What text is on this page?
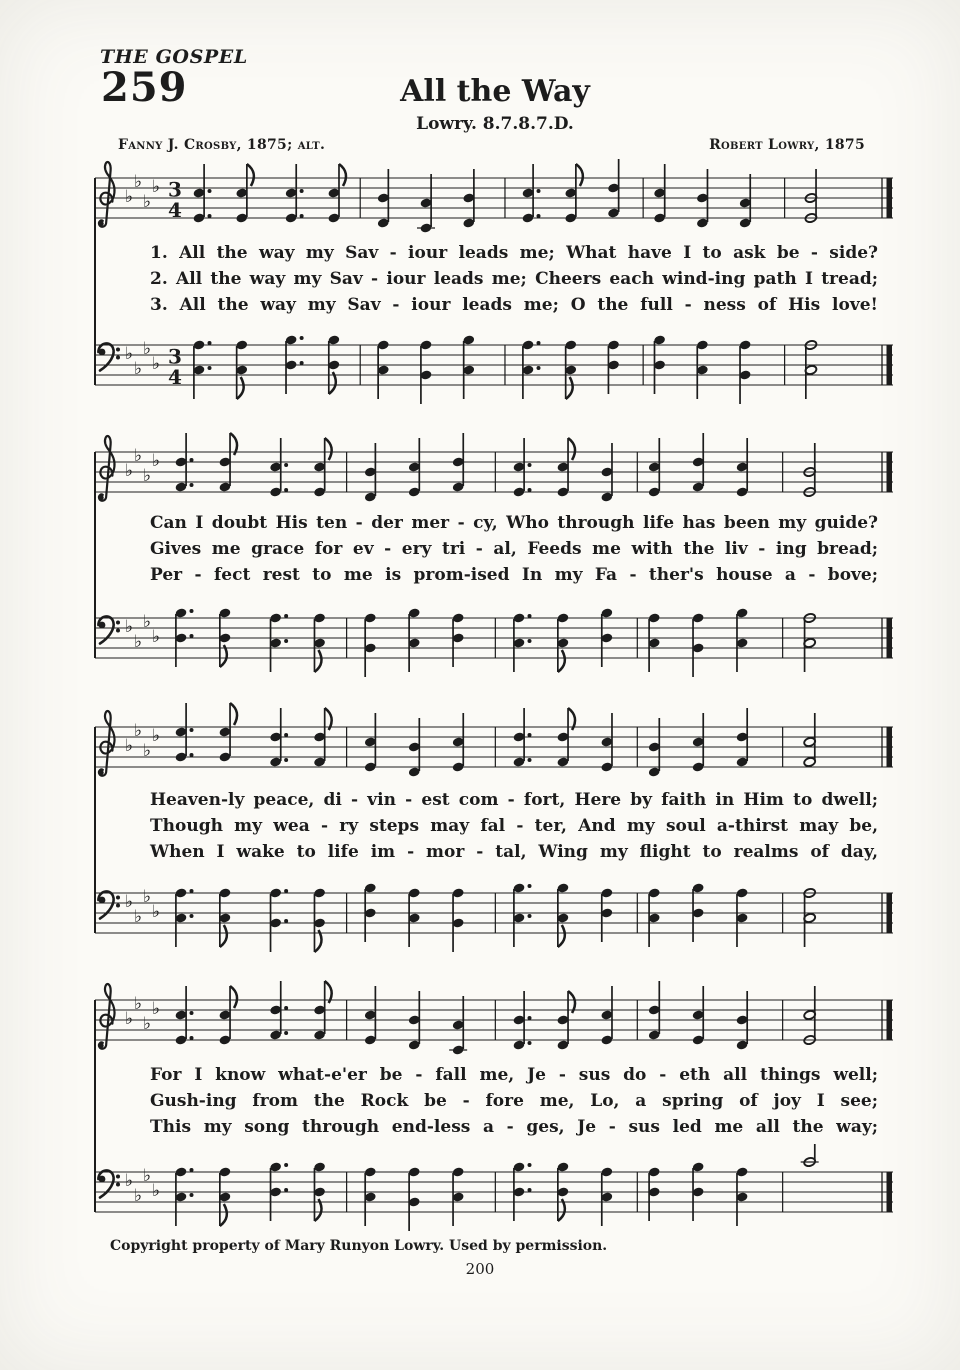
THE GOSPEL
259	All the Way
Lowry. 8.7.8.7.D.
Fanny J. Crosby, 1875; alt.	Robert Lowry, 1875
♭
♭
♭
♭ 3
4
♭
♭
♭
♭ 3
4
♭
♭
♭
♭
♭
♭
♭
♭
♭
♭
♭
♭
♭
♭
♭
♭
♭
♭
♭
♭
♭
♭
♭
♭
1. All the way my Sav - iour leads me; What have I to ask be - side?
2. All the way my Sav - iour leads me; Cheers each wind-ing path I tread;
3. All the way my Sav - iour leads me; O the full - ness of His love!
Can I doubt His ten - der mer - cy, Who through life has been my guide?
Gives me grace for ev - ery tri - al, Feeds me with the liv - ing bread;
Per - fect rest to me is prom-ised In my Fa - ther's house a - bove;
Heaven-ly peace, di - vin - est com - fort, Here by faith in Him to dwell;
Though my wea - ry steps may fal - ter, And my soul a-thirst may be,
When I wake to life im - mor - tal, Wing my flight to realms of day,
For I know what-e'er be - fall me, Je - sus do - eth all things well;
Gush-ing from the Rock be - fore me, Lo, a spring of joy I see;
This my song through end-less a - ges, Je - sus led me all the way;
Copyright property of Mary Runyon Lowry. Used by permission.
200
